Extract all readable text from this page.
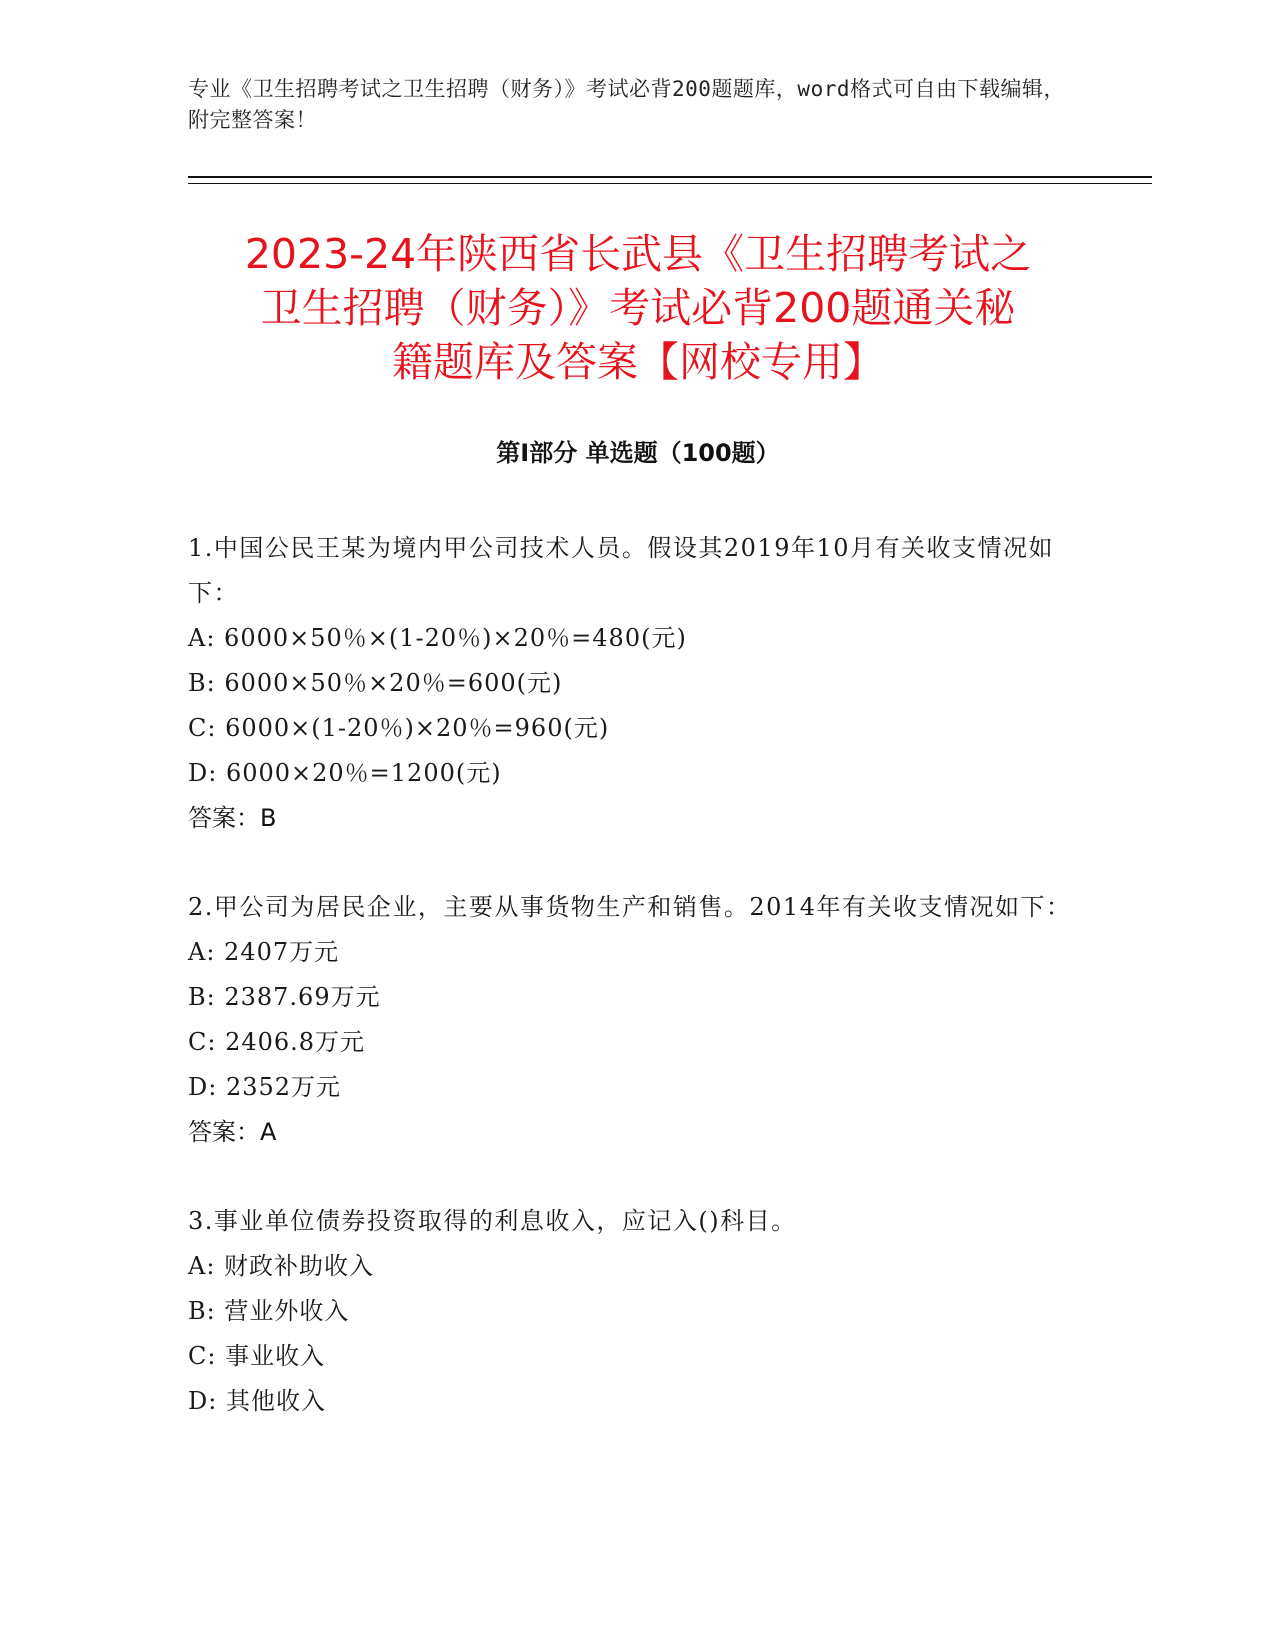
专业《卫生招聘考试之卫生招聘（财务）》考试必背200题题库，word格式可自由下载编辑，附完整答案！
2023-24年陕西省长武县《卫生招聘考试之
卫生招聘（财务）》考试必背200题通关秘
籍题库及答案【网校专用】
第I部分 单选题（100题）
1.中国公民王某为境内甲公司技术人员。假设其2019年10月有关收支情况如下：
A: 6000×50％×(1-20％)×20％=480(元)
B: 6000×50％×20％=600(元)
C: 6000×(1-20％)×20％=960(元)
D: 6000×20％=1200(元)
答案：B
2.甲公司为居民企业，主要从事货物生产和销售。2014年有关收支情况如下：
A: 2407万元
B: 2387.69万元
C: 2406.8万元
D: 2352万元
答案：A
3.事业单位债券投资取得的利息收入，应记入()科目。
A: 财政补助收入
B: 营业外收入
C: 事业收入
D: 其他收入
